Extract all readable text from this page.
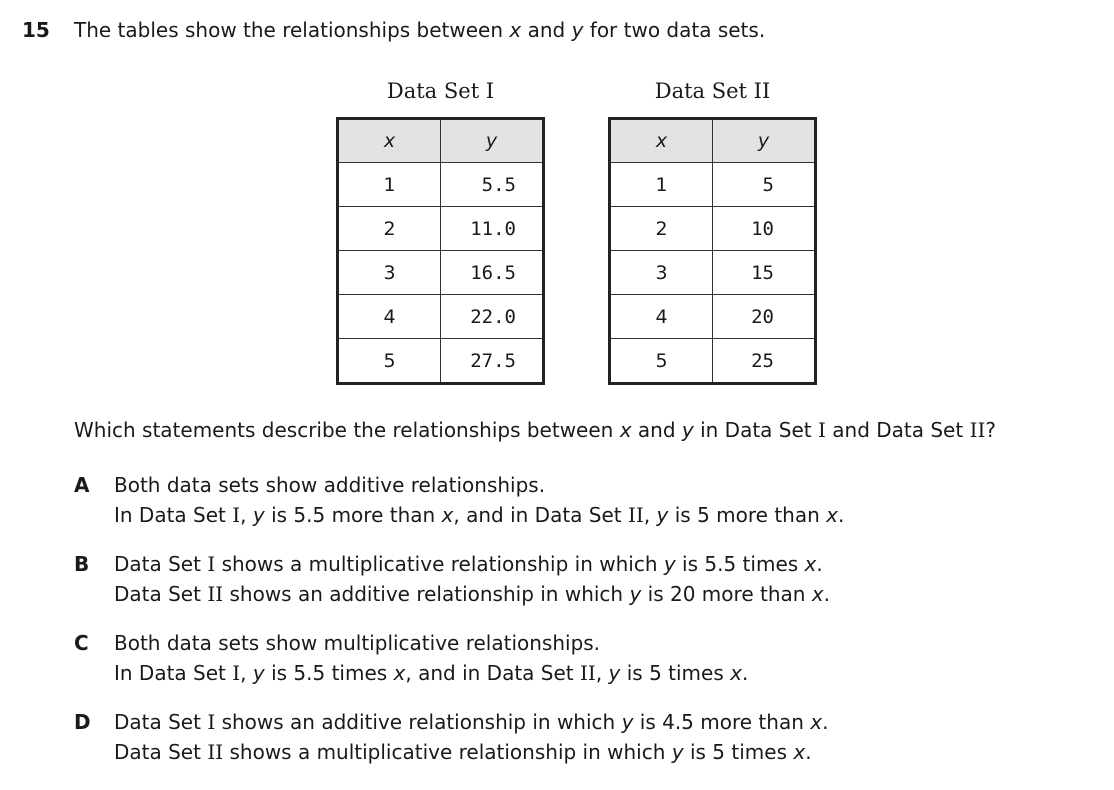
15 The tables show the relationships between x and y for two data sets.
Data Set I
x	y
1	5.5
2	11.0
3	16.5
4	22.0
5	27.5
Data Set II
x	y
1	5
2	10
3	15
4	20
5	25
Which statements describe the relationships between x and y in Data Set I and Data Set II?
A	Both data sets show additive relationships.
In Data Set I, y is 5.5 more than x, and in Data Set II, y is 5 more than x.
B	Data Set I shows a multiplicative relationship in which y is 5.5 times x.
Data Set II shows an additive relationship in which y is 20 more than x.
C	Both data sets show multiplicative relationships.
In Data Set I, y is 5.5 times x, and in Data Set II, y is 5 times x.
D	Data Set I shows an additive relationship in which y is 4.5 more than x.
Data Set II shows a multiplicative relationship in which y is 5 times x.
